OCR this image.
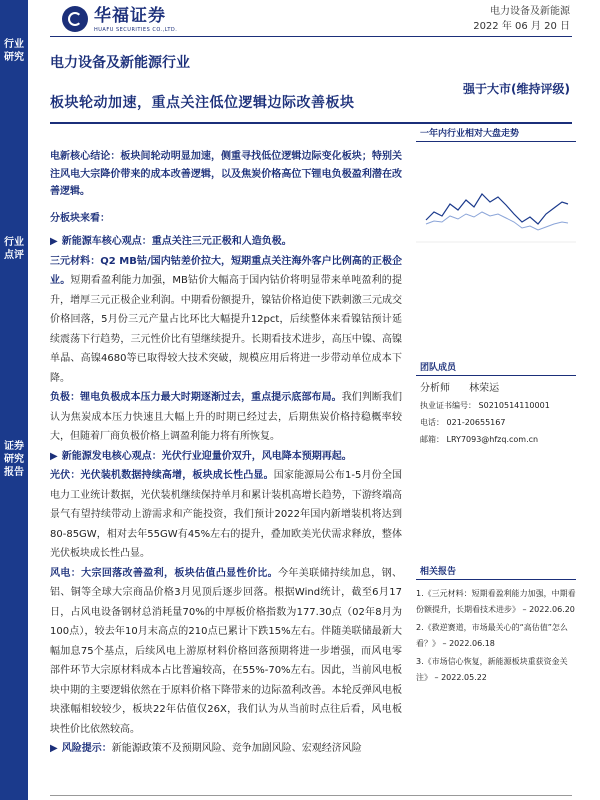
行业研究
行业点评
证券研究报告
华福证券
HUAFU SECURITIES CO.,LTD.
电力设备及新能源
2022 年 06 月 20 日
电力设备及新能源行业
强于大市(维持评级)
板块轮动加速，重点关注低位逻辑边际改善板块

电新核心结论：板块间轮动明显加速，侧重寻找低位逻辑边际变化板块；特别关注风电大宗降价带来的成本改善逻辑，以及焦炭价格高位下锂电负极盈利潜在改善逻辑。

分板块来看：

▶ 新能源车核心观点：重点关注三元正极和人造负极。

三元材料：Q2 MB钴/国内钴差价拉大，短期重点关注海外客户比例高的正极企业。短期看盈利能力加强，MB钴价大幅高于国内钴价将明显带来单吨盈利的提升，增厚三元正极企业利润。中期看份额提升，镍钴价格迫使下跌刺激三元成交价格回落，5月份三元产量占比环比大幅提升12pct，后续整体来看镍钴预计延续震荡下行趋势，三元性价比有望继续提升。长期看技术进步，高压中镍、高镍单晶、高镍4680等已取得较大技术突破，规模应用后将进一步带动单位成本下降。

负极：锂电负极成本压力最大时期逐渐过去，重点提示底部布局。我们判断我们认为焦炭成本压力快速且大幅上升的时期已经过去，后期焦炭价格持稳概率较大，但随着厂商负极价格上调盈利能力将有所恢复。

▶ 新能源发电核心观点：光伏行业迎量价双升，风电降本预期再起。

光伏：光伏装机数据持续高增，板块成长性凸显。国家能源局公布1-5月份全国电力工业统计数据，光伏装机继续保持单月和累计装机高增长趋势，下游终端高景气有望持续带动上游需求和产能投资，我们预计2022年国内新增装机将达到80-85GW，相对去年55GW有45%左右的提升，叠加欧美光伏需求释放，整体光伏板块成长性凸显。

风电：大宗回落改善盈利，板块估值凸显性价比。今年美联储持续加息，钢、铝、铜等全球大宗商品价格3月见顶后逐步回落。根据Wind统计，截至6月17日，占风电设备钢材总消耗量70%的中厚板价格指数为177.30点（02年8月为100点），较去年10月末高点的210点已累计下跌15%左右。伴随美联储最新大幅加息75个基点，后续风电上游原材料价格回落预期将进一步增强，而风电零部件环节大宗原材料成本占比普遍较高，在55%-70%左右。因此，当前风电板块中期的主要逻辑依然在于原料价格下降带来的边际盈利改善。本轮反弹风电板块涨幅相较较少，板块22年估值仅26X，我们认为从当前时点往后看，风电板块性价比依然较高。

▶ 风险提示：新能源政策不及预期风险、竞争加剧风险、宏观经济风险

一年内行业相对大盘走势
团队成员
分析师 林荣运
执业证书编号： S0210514110001
电话： 021-20655167
邮箱： LRY7093@hfzq.com.cn
相关报告
1.《三元材料：短期看盈利能力加强，中期看份额提升，长期看技术进步》 – 2022.06.20
2.《救逆赛道，市场最关心的“高估值”怎么看？》 – 2022.06.18
3.《市场信心恢复，新能源板块重获资金关注》 – 2022.05.22
